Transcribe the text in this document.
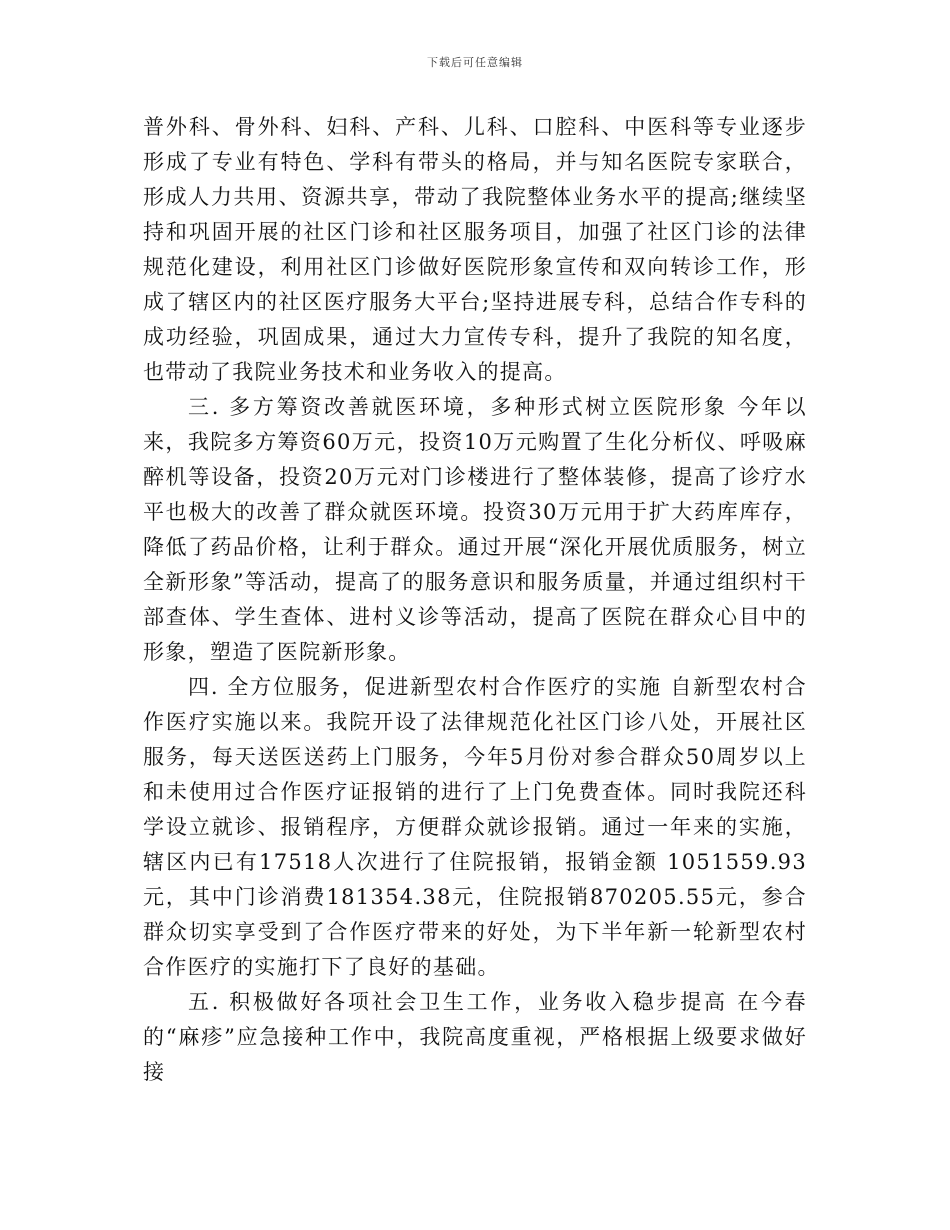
下载后可任意编辑

普外科、骨外科、妇科、产科、儿科、口腔科、中医科等专业逐步形成了专业有特色、学科有带头的格局，并与知名医院专家联合，形成人力共用、资源共享，带动了我院整体业务水平的提高;继续坚持和巩固开展的社区门诊和社区服务项目，加强了社区门诊的法律规范化建设，利用社区门诊做好医院形象宣传和双向转诊工作，形成了辖区内的社区医疗服务大平台;坚持进展专科，总结合作专科的成功经验，巩固成果，通过大力宣传专科，提升了我院的知名度，也带动了我院业务技术和业务收入的提高。

三. 多方筹资改善就医环境，多种形式树立医院形象 今年以来，我院多方筹资60万元，投资10万元购置了生化分析仪、呼吸麻醉机等设备，投资20万元对门诊楼进行了整体装修，提高了诊疗水平也极大的改善了群众就医环境。投资30万元用于扩大药库库存，降低了药品价格，让利于群众。通过开展“深化开展优质服务，树立全新形象”等活动，提高了的服务意识和服务质量，并通过组织村干部查体、学生查体、进村义诊等活动，提高了医院在群众心目中的形象，塑造了医院新形象。

四. 全方位服务，促进新型农村合作医疗的实施 自新型农村合作医疗实施以来。我院开设了法律规范化社区门诊八处，开展社区服务，每天送医送药上门服务，今年5月份对参合群众50周岁以上和未使用过合作医疗证报销的进行了上门免费查体。同时我院还科学设立就诊、报销程序，方便群众就诊报销。通过一年来的实施，辖区内已有17518人次进行了住院报销，报销金额 1051559.93元，其中门诊消费181354.38元，住院报销870205.55元，参合群众切实享受到了合作医疗带来的好处，为下半年新一轮新型农村合作医疗的实施打下了良好的基础。

五. 积极做好各项社会卫生工作，业务收入稳步提高 在今春的“麻疹”应急接种工作中，我院高度重视，严格根据上级要求做好接
